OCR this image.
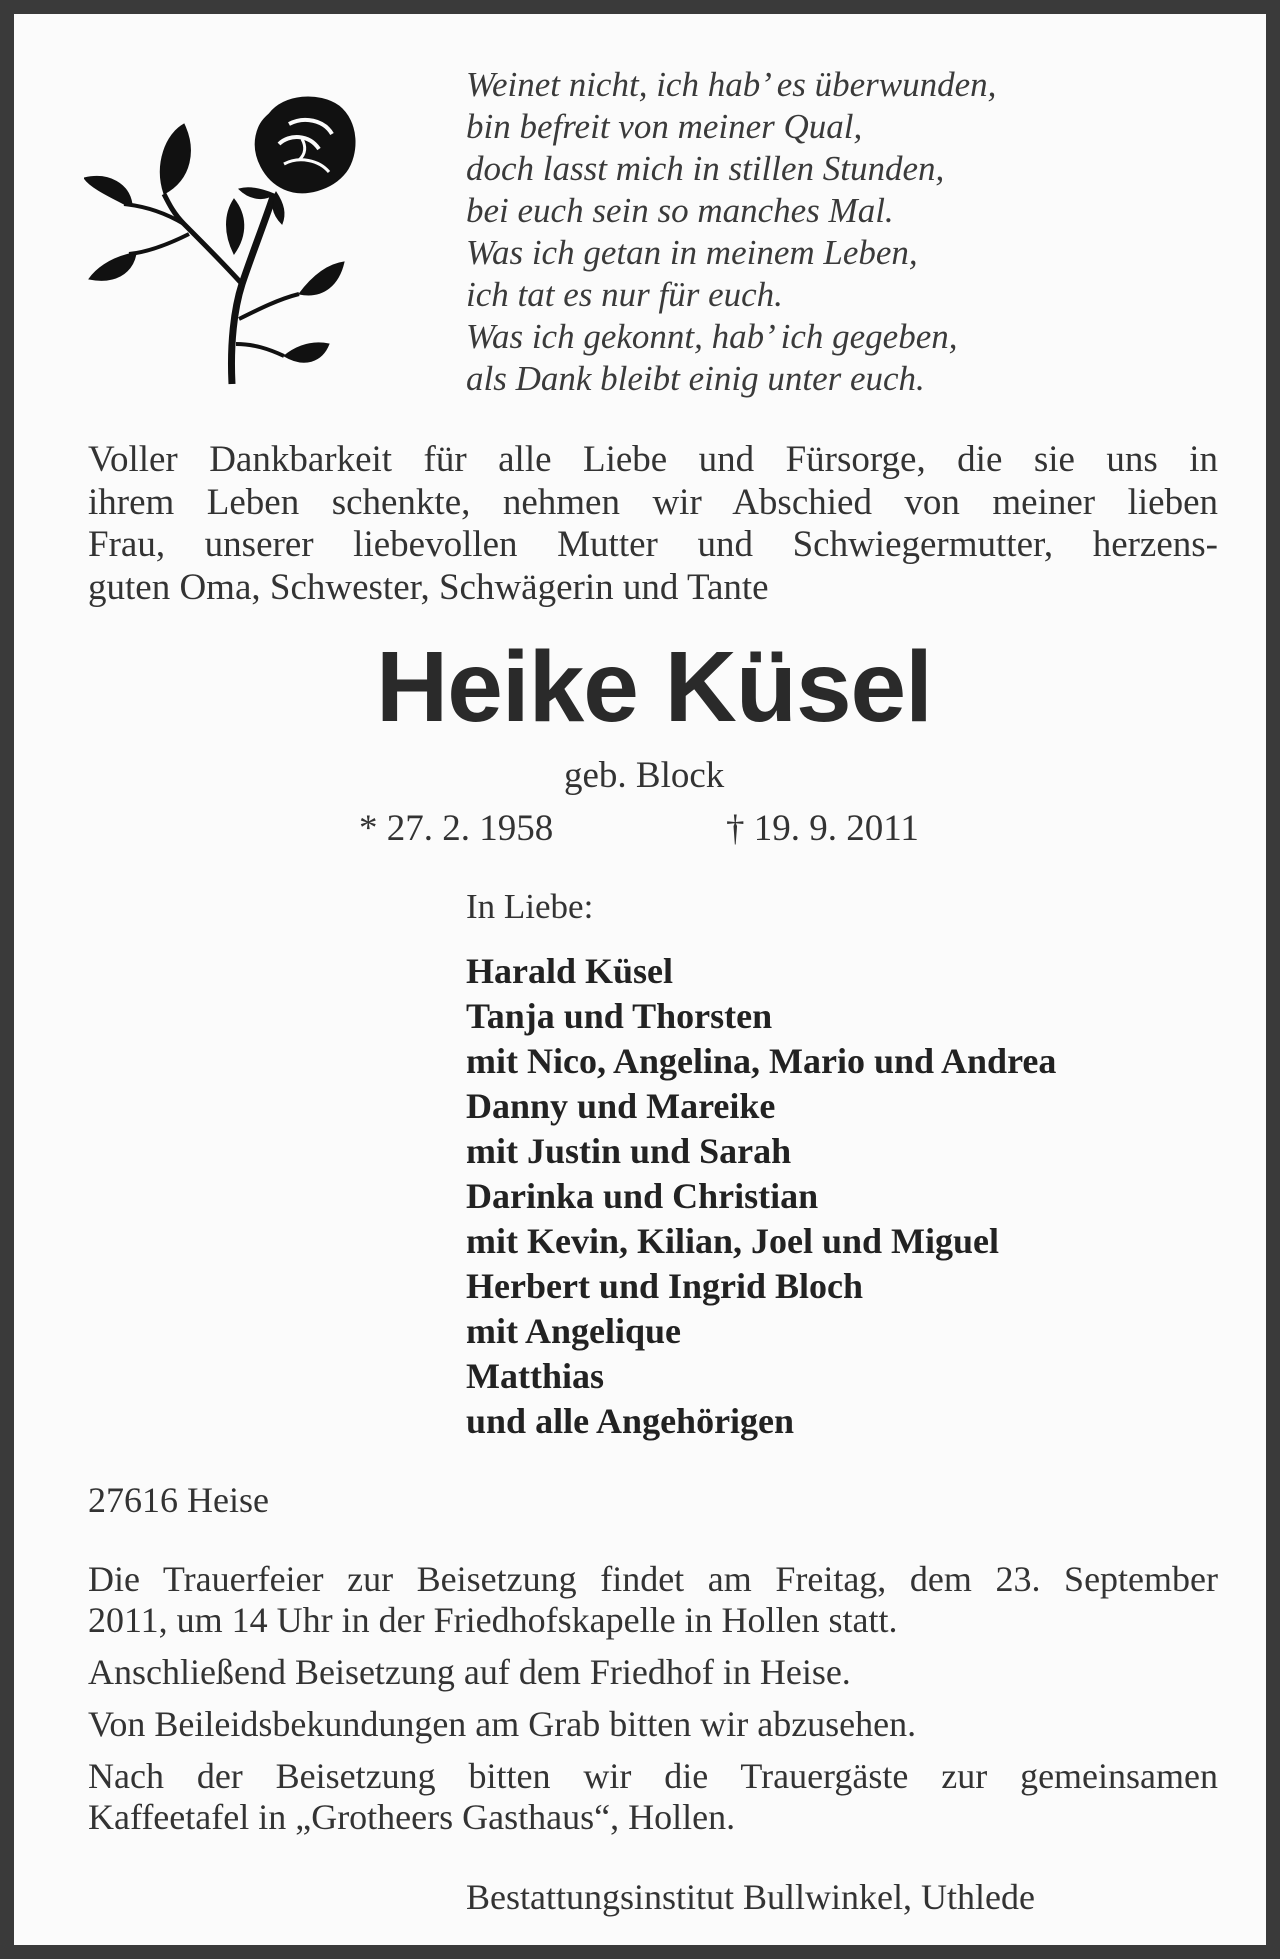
Weinet nicht, ich hab’ es überwunden,
bin befreit von meiner Qual,
doch lasst mich in stillen Stunden,
bei euch sein so manches Mal.
Was ich getan in meinem Leben,
ich tat es nur für euch.
Was ich gekonnt, hab’ ich gegeben,
als Dank bleibt einig unter euch.
Voller Dankbarkeit für alle Liebe und Fürsorge, die sie uns in
ihrem Leben schenkte, nehmen wir Abschied von meiner lieben
Frau, unserer liebevollen Mutter und Schwiegermutter, herzens-
guten Oma, Schwester, Schwägerin und Tante
Heike Küsel
geb. Block
* 27. 2. 1958	† 19. 9. 2011
In Liebe:
Harald Küsel
Tanja und Thorsten
mit Nico, Angelina, Mario und Andrea
Danny und Mareike
mit Justin und Sarah
Darinka und Christian
mit Kevin, Kilian, Joel und Miguel
Herbert und Ingrid Bloch
mit Angelique
Matthias
und alle Angehörigen
27616 Heise
Die Trauerfeier zur Beisetzung findet am Freitag, dem 23. September
2011, um 14 Uhr in der Friedhofskapelle in Hollen statt.
Anschließend Beisetzung auf dem Friedhof in Heise.
Von Beileidsbekundungen am Grab bitten wir abzusehen.
Nach der Beisetzung bitten wir die Trauergäste zur gemeinsamen
Kaffeetafel in „Grotheers Gasthaus“, Hollen.
Bestattungsinstitut Bullwinkel, Uthlede
